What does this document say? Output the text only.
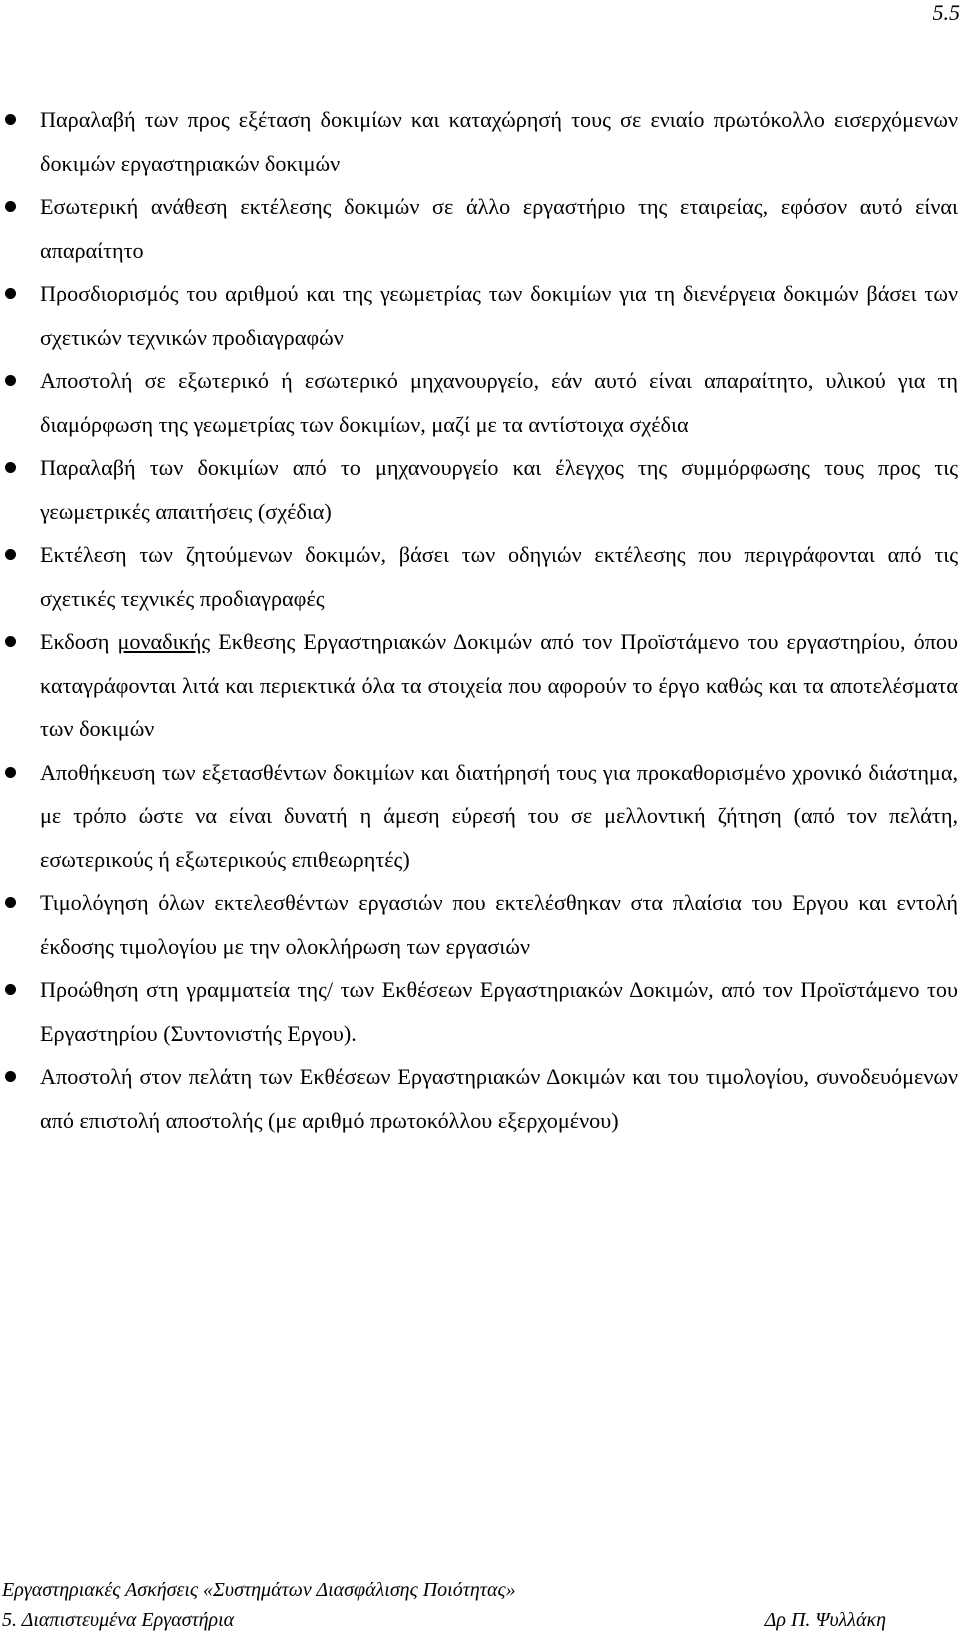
5.5
Παραλαβή των προς εξέταση δοκιμίων και καταχώρησή τους σε ενιαίο πρωτόκολλο εισερχόμενων δοκιμών εργαστηριακών δοκιμών
Εσωτερική ανάθεση εκτέλεσης δοκιμών σε άλλο εργαστήριο της εταιρείας, εφόσον αυτό είναι απαραίτητο
Προσδιορισμός του αριθμού και της γεωμετρίας των δοκιμίων για τη διενέργεια δοκιμών βάσει των σχετικών τεχνικών προδιαγραφών
Αποστολή σε εξωτερικό ή εσωτερικό μηχανουργείο, εάν αυτό είναι απαραίτητο, υλικού για τη διαμόρφωση της γεωμετρίας των δοκιμίων, μαζί με τα αντίστοιχα σχέδια
Παραλαβή των δοκιμίων από το μηχανουργείο και έλεγχος της συμμόρφωσης τους προς τις γεωμετρικές απαιτήσεις (σχέδια)
Εκτέλεση των ζητούμενων δοκιμών, βάσει των οδηγιών εκτέλεσης που περιγράφονται από τις σχετικές τεχνικές προδιαγραφές
Εκδοση μοναδικής Εκθεσης Εργαστηριακών Δοκιμών από τον Προϊστάμενο του εργαστηρίου, όπου καταγράφονται λιτά και περιεκτικά όλα τα στοιχεία που αφορούν το έργο καθώς και τα αποτελέσματα των δοκιμών
Αποθήκευση των εξετασθέντων δοκιμίων και διατήρησή τους για προκαθορισμένο χρονικό διάστημα, με τρόπο ώστε να είναι δυνατή η άμεση εύρεσή του σε μελλοντική ζήτηση (από τον πελάτη, εσωτερικούς ή εξωτερικούς επιθεωρητές)
Τιμολόγηση όλων εκτελεσθέντων εργασιών που εκτελέσθηκαν στα πλαίσια του Εργου και εντολή έκδοσης τιμολογίου με την ολοκλήρωση των εργασιών
Προώθηση στη γραμματεία της/ των Εκθέσεων Εργαστηριακών Δοκιμών, από τον Προϊστάμενο του Εργαστηρίου (Συντονιστής Εργου).
Αποστολή στον πελάτη των Εκθέσεων Εργαστηριακών Δοκιμών και του τιμολογίου, συνοδευόμενων από επιστολή αποστολής (με αριθμό πρωτοκόλλου εξερχομένου)
Εργαστηριακές Ασκήσεις «Συστημάτων Διασφάλισης Ποιότητας»
5. Διαπιστευμένα Εργαστήρια	Δρ Π. Ψυλλάκη
